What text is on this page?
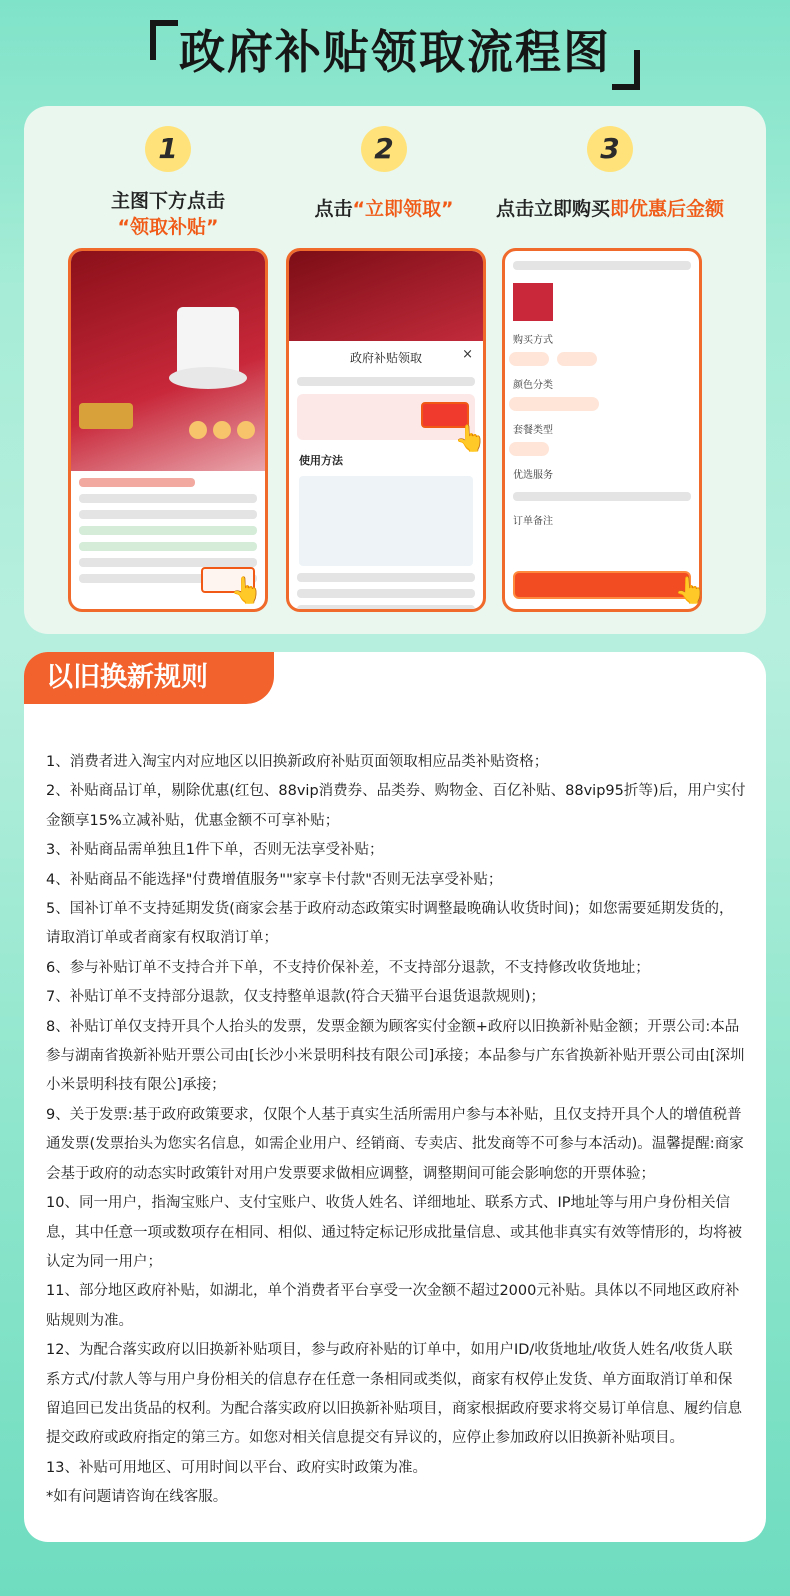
政府补贴领取流程图
1
主图下方点击
“领取补贴”
2
点击“立即领取”
3
点击立即购买即优惠后金额
👆
政府补贴领取	×
使用方法
👆
购买方式
颜色分类
套餐类型
优选服务
订单备注
👆
以旧换新规则

1、消费者进入淘宝内对应地区以旧换新政府补贴页面领取相应品类补贴资格；

2、补贴商品订单，剔除优惠(红包、88vip消费券、品类券、购物金、百亿补贴、88vip95折等)后，用户实付金额享15%立减补贴，优惠金额不可享补贴；

3、补贴商品需单独且1件下单，否则无法享受补贴；

4、补贴商品不能选择"付费增值服务""家享卡付款"否则无法享受补贴；

5、国补订单不支持延期发货(商家会基于政府动态政策实时调整最晚确认收货时间)；如您需要延期发货的，请取消订单或者商家有权取消订单；

6、参与补贴订单不支持合并下单，不支持价保补差，不支持部分退款，不支持修改收货地址；

7、补贴订单不支持部分退款，仅支持整单退款(符合天猫平台退货退款规则)；

8、补贴订单仅支持开具个人抬头的发票，发票金额为顾客实付金额+政府以旧换新补贴金额；开票公司:本品参与湖南省换新补贴开票公司由[长沙小米景明科技有限公司]承接；本品参与广东省换新补贴开票公司由[深圳小米景明科技有限公]承接；

9、关于发票:基于政府政策要求，仅限个人基于真实生活所需用户参与本补贴，且仅支持开具个人的增值税普通发票(发票抬头为您实名信息，如需企业用户、经销商、专卖店、批发商等不可参与本活动)。温馨提醒:商家会基于政府的动态实时政策针对用户发票要求做相应调整，调整期间可能会影响您的开票体验；

10、同一用户，指淘宝账户、支付宝账户、收货人姓名、详细地址、联系方式、IP地址等与用户身份相关信息，其中任意一项或数项存在相同、相似、通过特定标记形成批量信息、或其他非真实有效等情形的，均将被认定为同一用户；

11、部分地区政府补贴，如湖北，单个消费者平台享受一次金额不超过2000元补贴。具体以不同地区政府补贴规则为准。

12、为配合落实政府以旧换新补贴项目，参与政府补贴的订单中，如用户ID/收货地址/收货人姓名/收货人联系方式/付款人等与用户身份相关的信息存在任意一条相同或类似，商家有权停止发货、单方面取消订单和保留追回已发出货品的权利。为配合落实政府以旧换新补贴项目，商家根据政府要求将交易订单信息、履约信息提交政府或政府指定的第三方。如您对相关信息提交有异议的，应停止参加政府以旧换新补贴项目。

13、补贴可用地区、可用时间以平台、政府实时政策为准。

*如有问题请咨询在线客服。
